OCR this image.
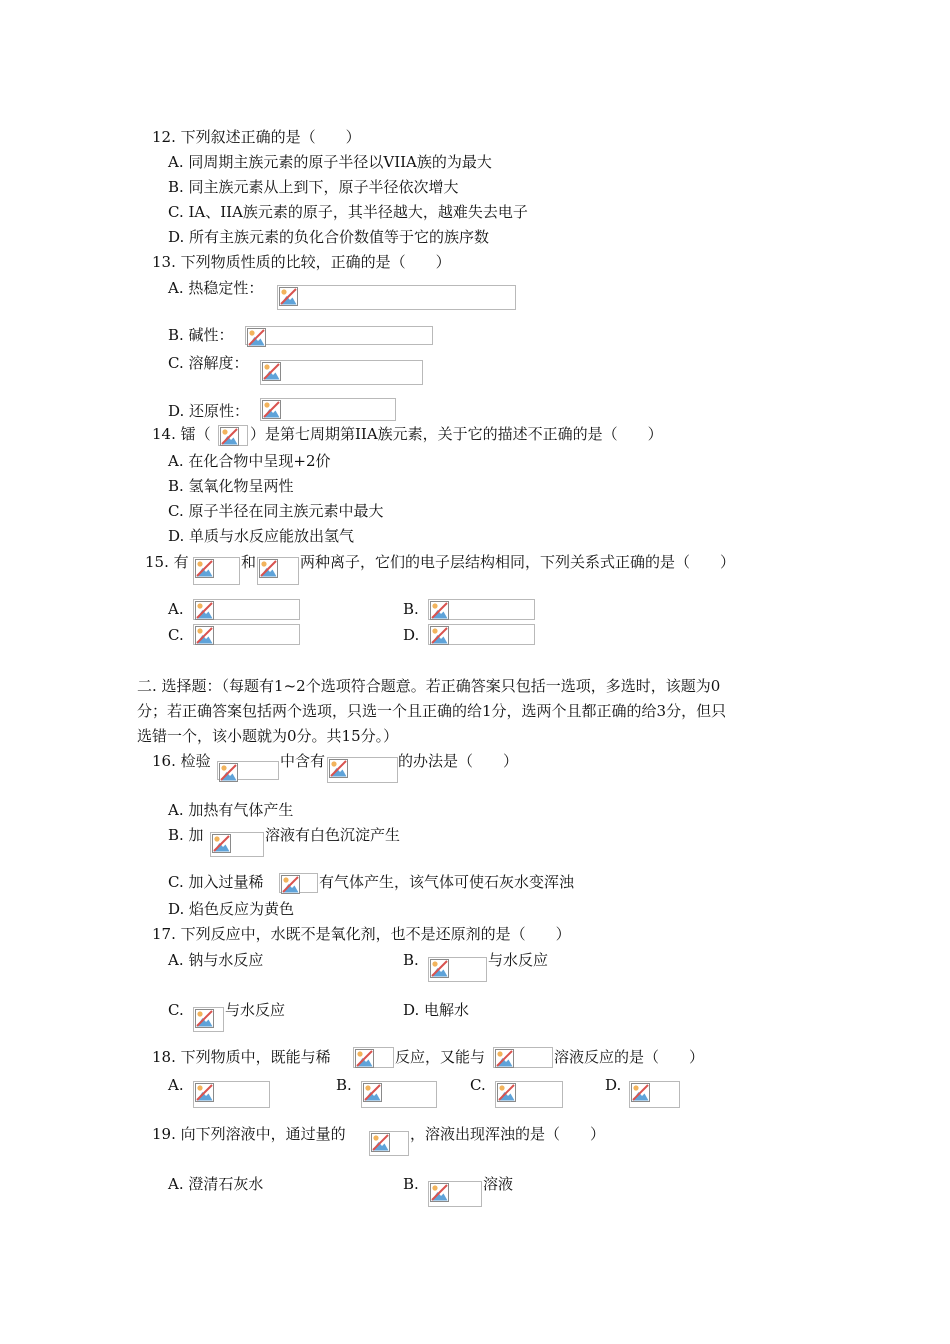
12. 下列叙述正确的是（　　）
A. 同周期主族元素的原子半径以VIIA族的为最大
B. 同主族元素从上到下，原子半径依次增大
C. IA、IIA族元素的原子，其半径越大，越难失去电子
D. 所有主族元素的负化合价数值等于它的族序数
13. 下列物质性质的比较，正确的是（　　）
A. 热稳定性：
B. 碱性：
C. 溶解度：
D. 还原性：
14. 镭（	）是第七周期第IIA族元素，关于它的描述不正确的是（　　）
A. 在化合物中呈现+2价
B. 氢氧化物呈两性
C. 原子半径在同主族元素中最大
D. 单质与水反应能放出氢气
15. 有	和	两种离子，它们的电子层结构相同，下列关系式正确的是（　　）
A.	B.
C.	D.
二. 选择题：（每题有1~2个选项符合题意。若正确答案只包括一选项，多选时，该题为0
分；若正确答案包括两个选项，只选一个且正确的给1分，选两个且都正确的给3分，但只
选错一个，该小题就为0分。共15分。）
16. 检验	中含有	的办法是（　　）
A. 加热有气体产生
B. 加	溶液有白色沉淀产生
C. 加入过量稀	有气体产生，该气体可使石灰水变浑浊
D. 焰色反应为黄色
17. 下列反应中，水既不是氧化剂，也不是还原剂的是（　　）
A. 钠与水反应	B.	与水反应
C.	与水反应	D. 电解水
18. 下列物质中，既能与稀	反应，又能与	溶液反应的是（　　）
A.	B.	C.	D.
19. 向下列溶液中，通过量的	，溶液出现浑浊的是（　　）
A. 澄清石灰水	B.	溶液
